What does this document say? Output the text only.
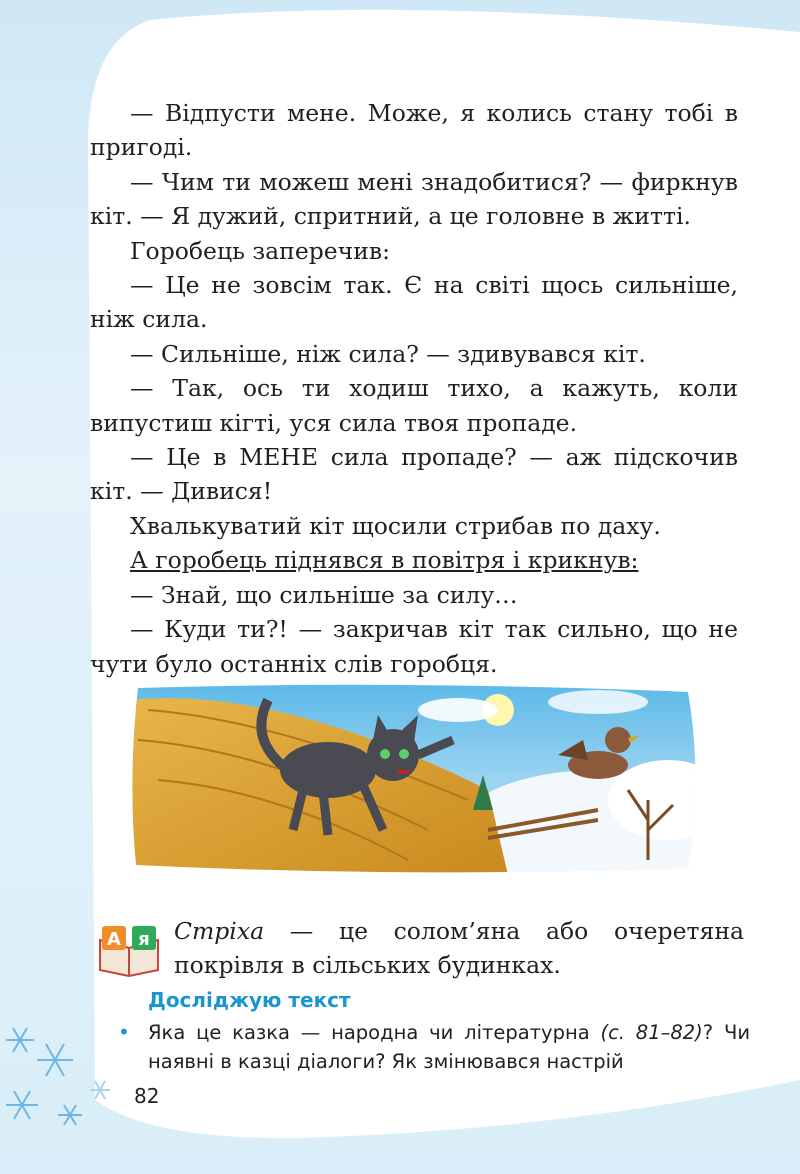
— Відпусти мене. Може, я колись стану тобі в пригоді.

— Чим ти можеш мені знадобитися? — фиркнув кіт. — Я дужий, спритний, а це головне в житті.

Горобець заперечив:

— Це не зовсім так. Є на світі щось сильніше, ніж сила.

— Сильніше, ніж сила? — здивувався кіт.

— Так, ось ти ходиш тихо, а кажуть, коли випустиш кігті, уся сила твоя пропаде.

— Це в МЕНЕ сила пропаде? — аж підскочив кіт. — Дивися!

Хвалькуватий кіт щосили стрибав по даху.

А горобець піднявся в повітря і крикнув:

— Знай, що сильніше за силу…

— Куди ти?! — закричав кіт так сильно, що не чути було останніх слів горобця.

А я Стріха — це солом’яна або очеретяна покрівля в сільських будинках.
Досліджую текст
• Яка це казка — народна чи літературна (с. 81–82)? Чи наявні в казці діалоги? Як змінювався настрій
82
